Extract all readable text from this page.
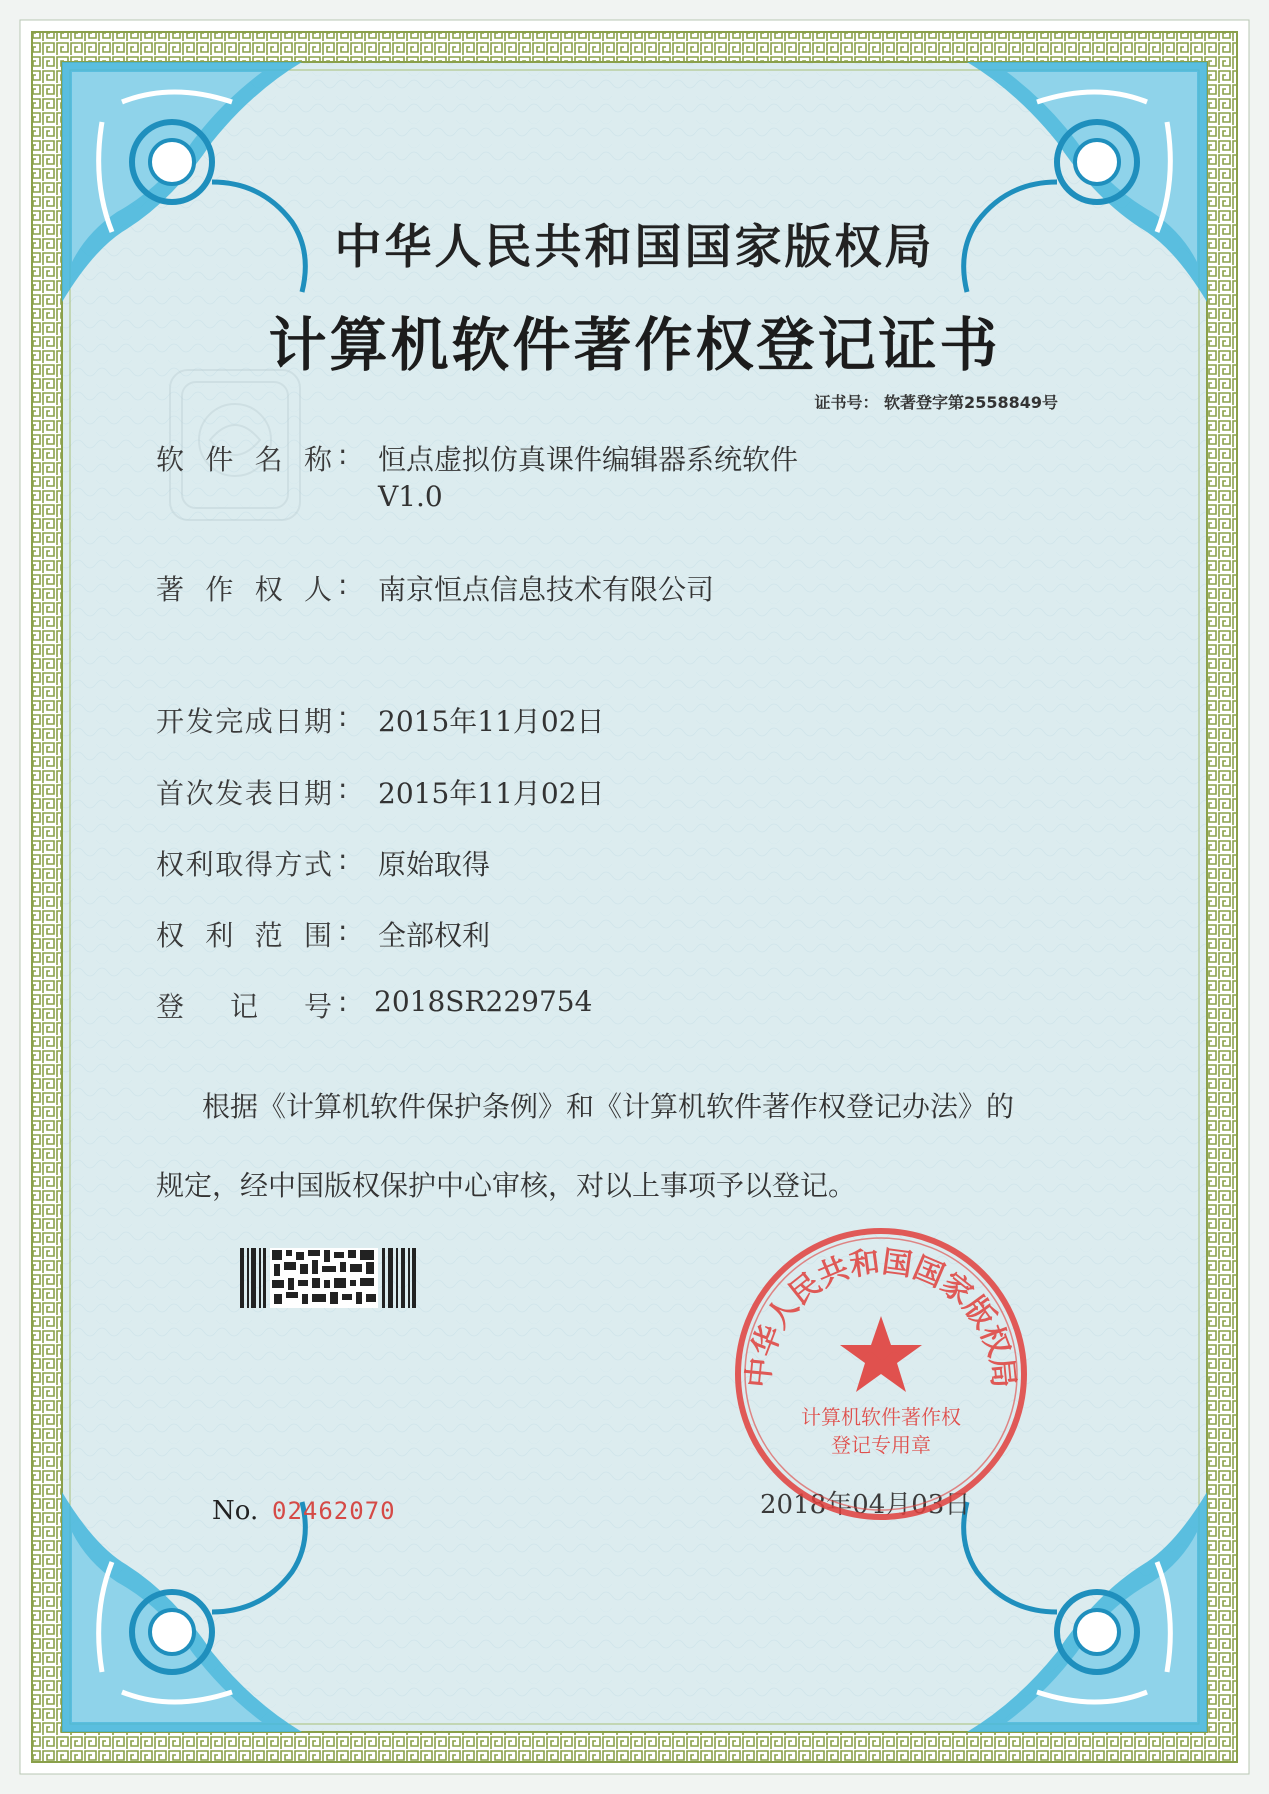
中华人民共和国国家版权局
计算机软件著作权登记证书
证书号： 软著登字第2558849号
软件名称 : 恒点虚拟仿真课件编辑器系统软件
V1.0
著作权人 : 南京恒点信息技术有限公司
开发完成日期 : 2015年11月02日
首次发表日期 : 2015年11月02日
权利取得方式 : 原始取得
权利范围 : 全部权利
登记号 : 2018SR229754
根据《计算机软件保护条例》和《计算机软件著作权登记办法》的
规定，经中国版权保护中心审核，对以上事项予以登记。
No. 02462070	2018年04月03日
中华人民共和国国家版权局
计算机软件著作权
登记专用章
